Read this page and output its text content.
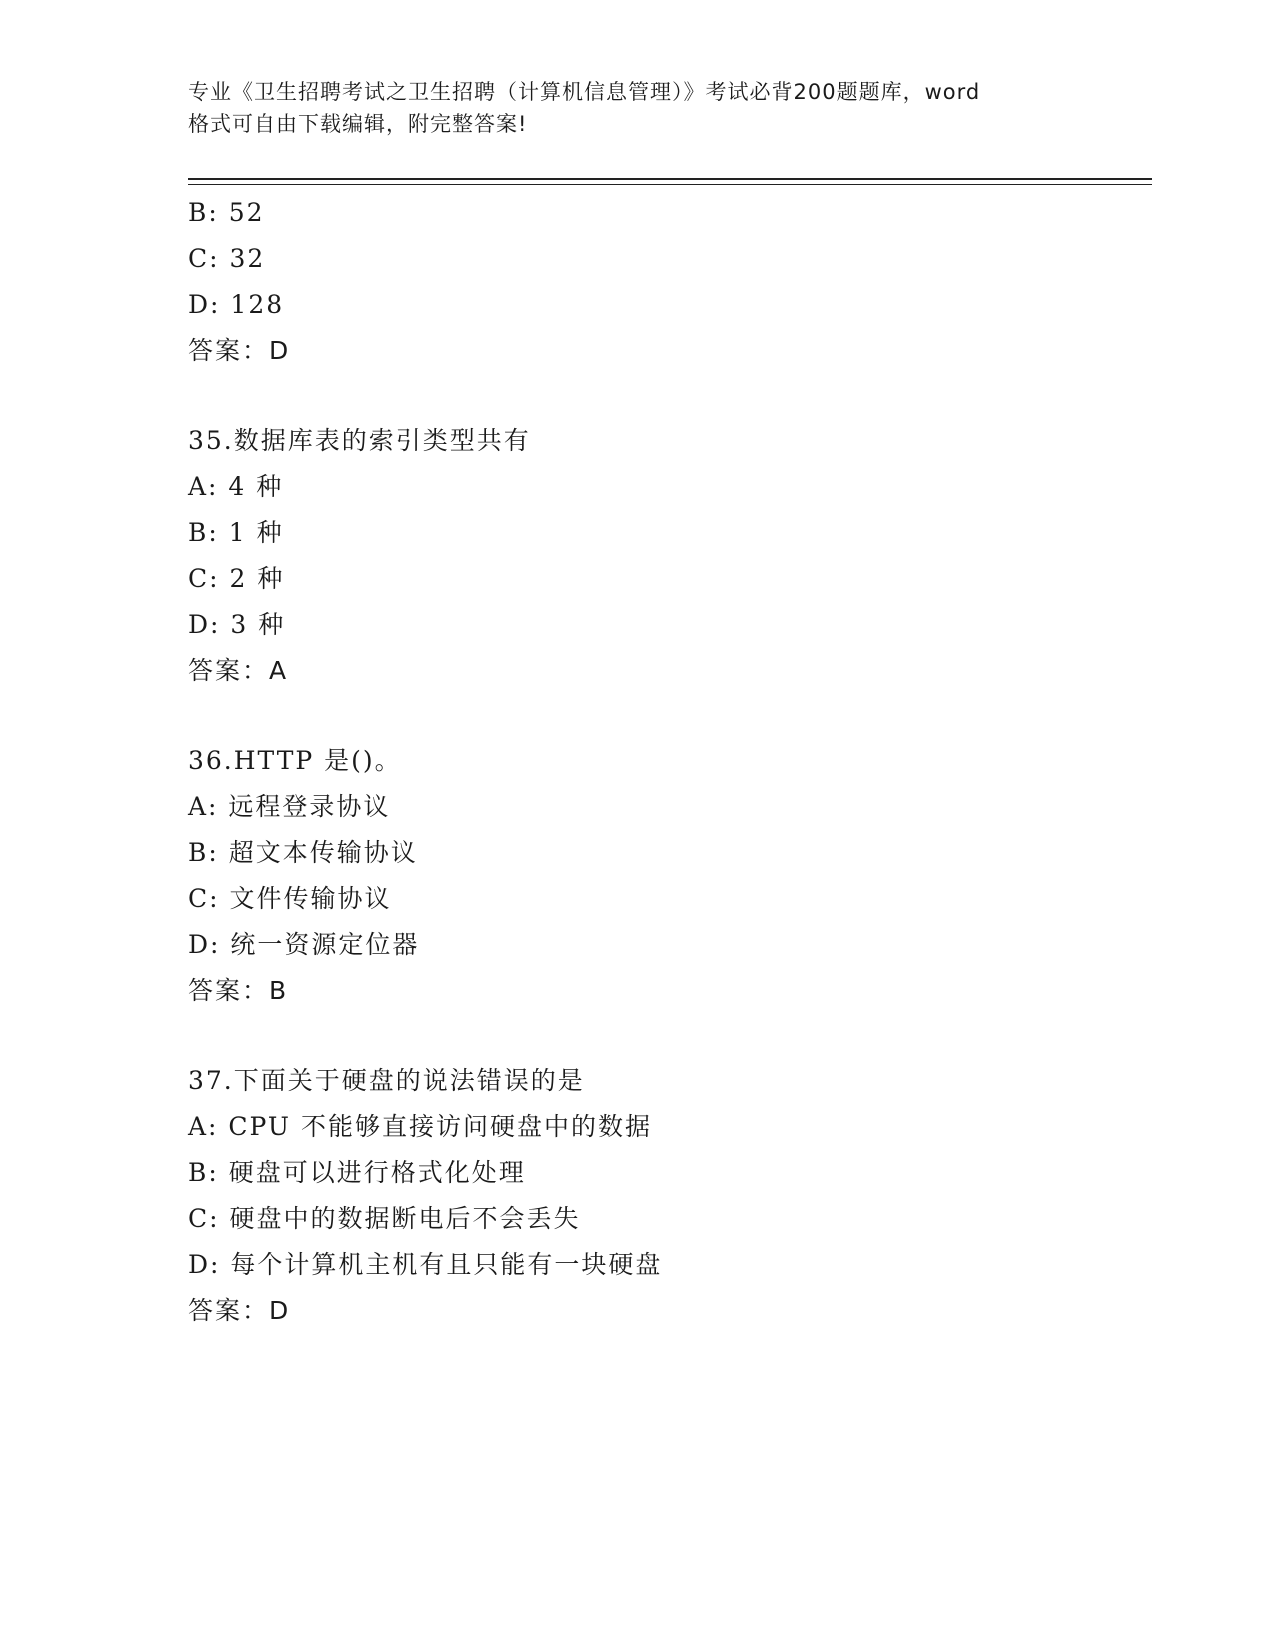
专业《卫生招聘考试之卫生招聘（计算机信息管理）》考试必背200题题库，word
格式可自由下载编辑，附完整答案!
B: 52
C: 32
D: 128
答案：D
35.数据库表的索引类型共有
A: 4 种
B: 1 种
C: 2 种
D: 3 种
答案：A
36.HTTP 是()。
A: 远程登录协议
B: 超文本传输协议
C: 文件传输协议
D: 统一资源定位器
答案：B
37.下面关于硬盘的说法错误的是
A: CPU 不能够直接访问硬盘中的数据
B: 硬盘可以进行格式化处理
C: 硬盘中的数据断电后不会丢失
D: 每个计算机主机有且只能有一块硬盘
答案：D
